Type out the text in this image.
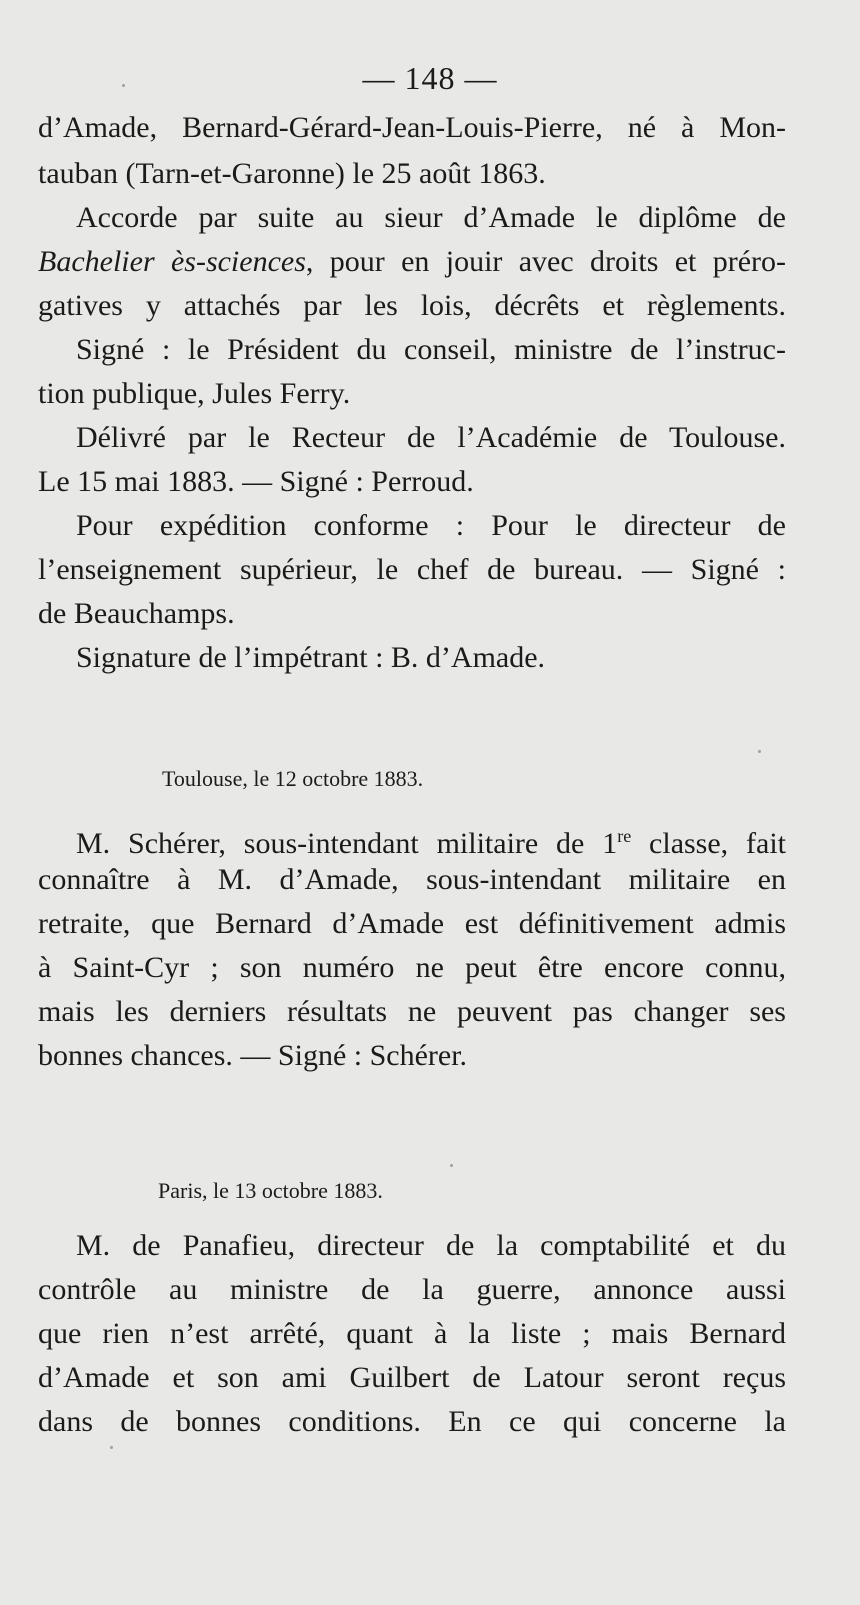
— 148 —
d’Amade, Bernard-Gérard-Jean-Louis-Pierre, né à Mon-
tauban (Tarn-et-Garonne) le 25 août 1863.
Accorde par suite au sieur d’Amade le diplôme de
Bachelier ès-sciences, pour en jouir avec droits et préro-
gatives y attachés par les lois, décrêts et règlements.
Signé : le Président du conseil, ministre de l’instruc-
tion publique, Jules Ferry.
Délivré par le Recteur de l’Académie de Toulouse.
Le 15 mai 1883. — Signé : Perroud.
Pour expédition conforme : Pour le directeur de
l’enseignement supérieur, le chef de bureau. — Signé :
de Beauchamps.
Signature de l’impétrant : B. d’Amade.
Toulouse, le 12 octobre 1883.
M. Schérer, sous-intendant militaire de 1re classe, fait
connaître à M. d’Amade, sous-intendant militaire en
retraite, que Bernard d’Amade est définitivement admis
à Saint-Cyr ; son numéro ne peut être encore connu,
mais les derniers résultats ne peuvent pas changer ses
bonnes chances. — Signé : Schérer.
Paris, le 13 octobre 1883.
M. de Panafieu, directeur de la comptabilité et du
contrôle au ministre de la guerre, annonce aussi
que rien n’est arrêté, quant à la liste ; mais Bernard
d’Amade et son ami Guilbert de Latour seront reçus
dans de bonnes conditions. En ce qui concerne la
